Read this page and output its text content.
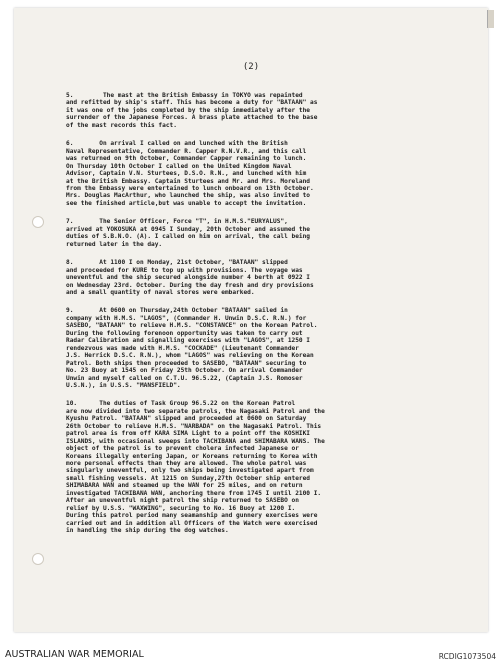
(2)
5.        The mast at the British Embassy in TOKYO was repainted
and refitted by ship's staff. This has become a duty for "BATAAN" as
it was one of the jobs completed by the ship immediately after the
surrender of the Japanese Forces. A brass plate attached to the base
of the mast records this fact.
6.       On arrival I called on and lunched with the British
Naval Representative, Commander R. Capper R.N.V.R., and this call
was returned on 9th October, Commander Capper remaining to lunch.
On Thursday 10th October I called on the United Kingdom Naval
Advisor, Captain V.N. Sturtees, D.S.O. R.N., and lunched with him
at the British Embassy. Captain Sturtees and Mr. and Mrs. Moreland
from the Embassy were entertained to lunch onboard on 13th October.
Mrs. Douglas MacArthur, who launched the ship, was also invited to
see the finished article,but was unable to accept the invitation.
7.       The Senior Officer, Force "T", in H.M.S."EURYALUS",
arrived at YOKOSUKA at 0945 I Sunday, 20th October and assumed the
duties of S.B.N.O. (A). I called on him on arrival, the call being
returned later in the day.
8.       At 1100 I on Monday, 21st October, "BATAAN" slipped
and proceeded for KURE to top up with provisions. The voyage was
uneventful and the ship secured alongside number 4 berth at 0922 I
on Wednesday 23rd. October. During the day fresh and dry provisions
and a small quantity of naval stores were embarked.
9.       At 0600 on Thursday,24th October "BATAAN" sailed in
company with H.M.S. "LAGOS", (Commander H. Unwin D.S.C. R.N.) for
SASEBO, "BATAAN" to relieve H.M.S. "CONSTANCE" on the Korean Patrol.
During the following forenoon opportunity was taken to carry out
Radar Calibration and signalling exercises with "LAGOS", at 1250 I
rendezvous was made with H.M.S. "COCKADE" (Lieutenant Commander
J.S. Herrick D.S.C. R.N.), whom "LAGOS" was relieving on the Korean
Patrol. Both ships then proceeded to SASEBO, "BATAAN" securing to
No. 23 Buoy at 1545 on Friday 25th October. On arrival Commander
Unwin and myself called on C.T.U. 96.5.22, (Captain J.S. Romoser
U.S.N.), in U.S.S. "MANSFIELD".
10.      The duties of Task Group 96.5.22 on the Korean Patrol
are now divided into two separate patrols, the Nagasaki Patrol and the
Kyushu Patrol. "BATAAN" slipped and proceeded at 0600 on Saturday
26th October to relieve H.M.S. "NARBADA" on the Nagasaki Patrol. This
patrol area is from off KARA SIMA Light to a point off the KOSHIKI
ISLANDS, with occasional sweeps into TACHIBANA and SHIMABARA WANS. The
object of the patrol is to prevent cholera infected Japanese or
Koreans illegally entering Japan, or Koreans returning to Korea with
more personal effects than they are allowed. The whole patrol was
singularly uneventful, only two ships being investigated apart from
small fishing vessels. At 1215 on Sunday,27th October ship entered
SHIMABARA WAN and steamed up the WAN for 25 miles, and on return
investigated TACHIBANA WAN, anchoring there from 1745 I until 2100 I.
After an uneventful night patrol the ship returned to SASEBO on
relief by U.S.S. "WAXWING", securing to No. 16 Buoy at 1200 I.
During this patrol period many seamanship and gunnery exercises were
carried out and in addition all Officers of the Watch were exercised
in handling the ship during the dog watches.
AUSTRALIAN WAR MEMORIAL	RCDIG1073504
